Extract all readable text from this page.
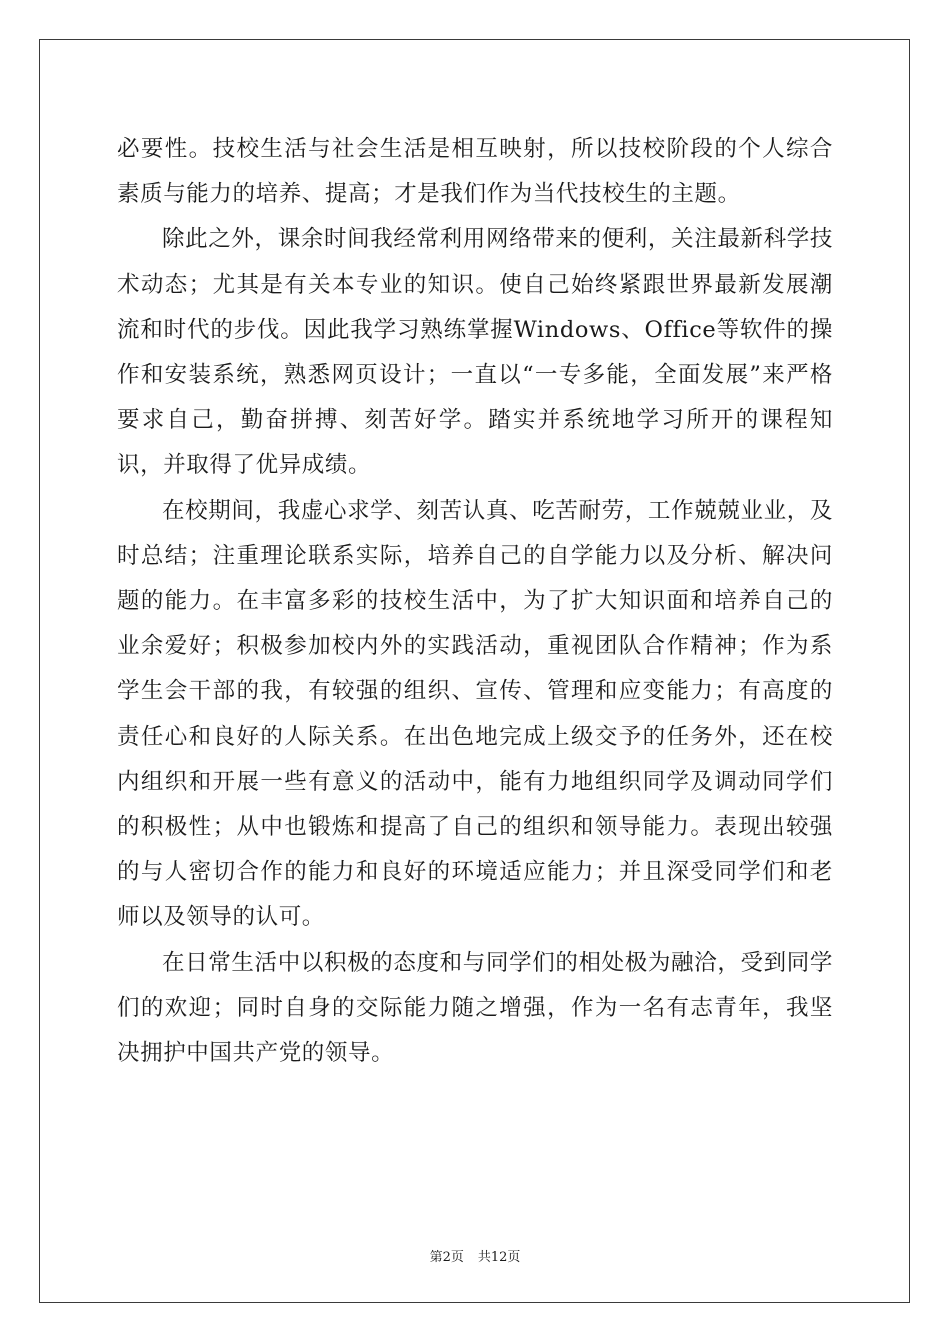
必要性。技校生活与社会生活是相互映射，所以技校阶段的个人综合素质与能力的培养、提高；才是我们作为当代技校生的主题。

除此之外，课余时间我经常利用网络带来的便利，关注最新科学技术动态；尤其是有关本专业的知识。使自己始终紧跟世界最新发展潮流和时代的步伐。因此我学习熟练掌握Windows、Office等软件的操作和安装系统，熟悉网页设计；一直以“一专多能，全面发展”来严格要求自己，勤奋拼搏、刻苦好学。踏实并系统地学习所开的课程知识，并取得了优异成绩。

在校期间，我虚心求学、刻苦认真、吃苦耐劳，工作兢兢业业，及时总结；注重理论联系实际，培养自己的自学能力以及分析、解决问题的能力。在丰富多彩的技校生活中，为了扩大知识面和培养自己的业余爱好；积极参加校内外的实践活动，重视团队合作精神；作为系学生会干部的我，有较强的组织、宣传、管理和应变能力；有高度的责任心和良好的人际关系。在出色地完成上级交予的任务外，还在校内组织和开展一些有意义的活动中，能有力地组织同学及调动同学们的积极性；从中也锻炼和提高了自己的组织和领导能力。表现出较强的与人密切合作的能力和良好的环境适应能力；并且深受同学们和老师以及领导的认可。

在日常生活中以积极的态度和与同学们的相处极为融洽，受到同学们的欢迎；同时自身的交际能力随之增强，作为一名有志青年，我坚决拥护中国共产党的领导。

第2页 共12页
